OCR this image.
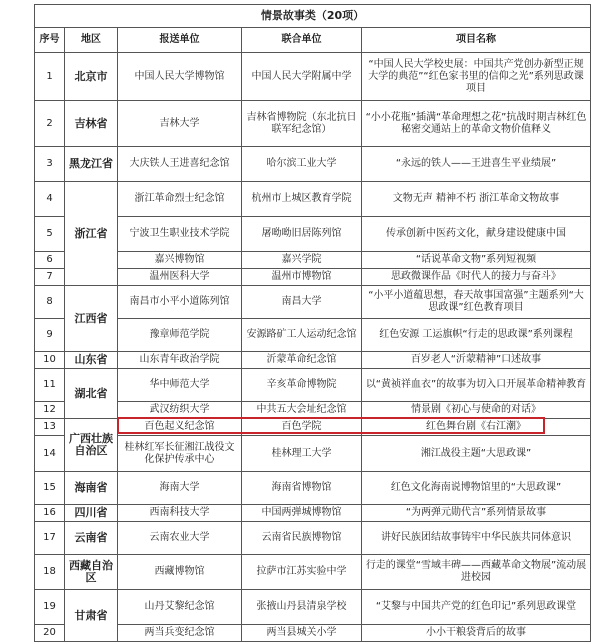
情景故事类（20项）				
序号	地区	报送单位	联合单位	项目名称
1	北京市	中国人民大学博物馆	中国人民大学附属中学	“中国人民大学校史展：中国共产党创办新型正规大学的典范”“红色家书里的信仰之光”系列思政课项目
2	吉林省	吉林大学	吉林省博物院（东北抗日联军纪念馆）	“小小花瓶”插满“革命理想之花”抗战时期吉林红色秘密交通站上的革命文物价值释义
3	黑龙江省	大庆铁人王进喜纪念馆	哈尔滨工业大学	“永远的铁人——王进喜生平业绩展”
4	浙江省	浙江革命烈士纪念馆	杭州市上城区教育学院	文物无声 精神不朽 浙江革命文物故事
5		宁波卫生职业技术学院	屠呦呦旧居陈列馆	传承创新中医药文化，献身建设健康中国
6		嘉兴博物馆	嘉兴学院	“话说革命文物”系列短视频
7		温州医科大学	温州市博物馆	思政微课作品《时代人的接力与奋斗》
8	江西省	南昌市小平小道陈列馆	南昌大学	“小平小道蕴思想，春天故事国富强”主题系列“大思政课”红色教育项目
9		豫章师范学院	安源路矿工人运动纪念馆	红色安源 工运旗帜“行走的思政课”系列课程
10	山东省	山东青年政治学院	沂蒙革命纪念馆	百岁老人“沂蒙精神”口述故事
11	湖北省	华中师范大学	辛亥革命博物院	以“黄祯祥血衣”的故事为切入口开展革命精神教育
12		武汉纺织大学	中共五大会址纪念馆	情景剧《初心与使命的对话》
13	广西壮族自治区	百色起义纪念馆	百色学院	红色舞台剧《右江潮》
14		桂林红军长征湘江战役文化保护传承中心	桂林理工大学	湘江战役主题“大思政课”
15	海南省	海南大学	海南省博物馆	红色文化海南说博物馆里的“大思政课”
16	四川省	西南科技大学	中国两弹城博物馆	“为两弹元勋代言”系列情景故事
17	云南省	云南农业大学	云南省民族博物馆	讲好民族团结故事铸牢中华民族共同体意识
18	西藏自治区	西藏博物馆	拉萨市江苏实验中学	行走的课堂“雪域丰碑——西藏革命文物展”流动展进校园
19	甘肃省	山丹艾黎纪念馆	张掖山丹县清泉学校	“艾黎与中国共产党的红色印记”系列思政课堂
20		两当兵变纪念馆	两当县城关小学	小小干粮袋背后的故事
